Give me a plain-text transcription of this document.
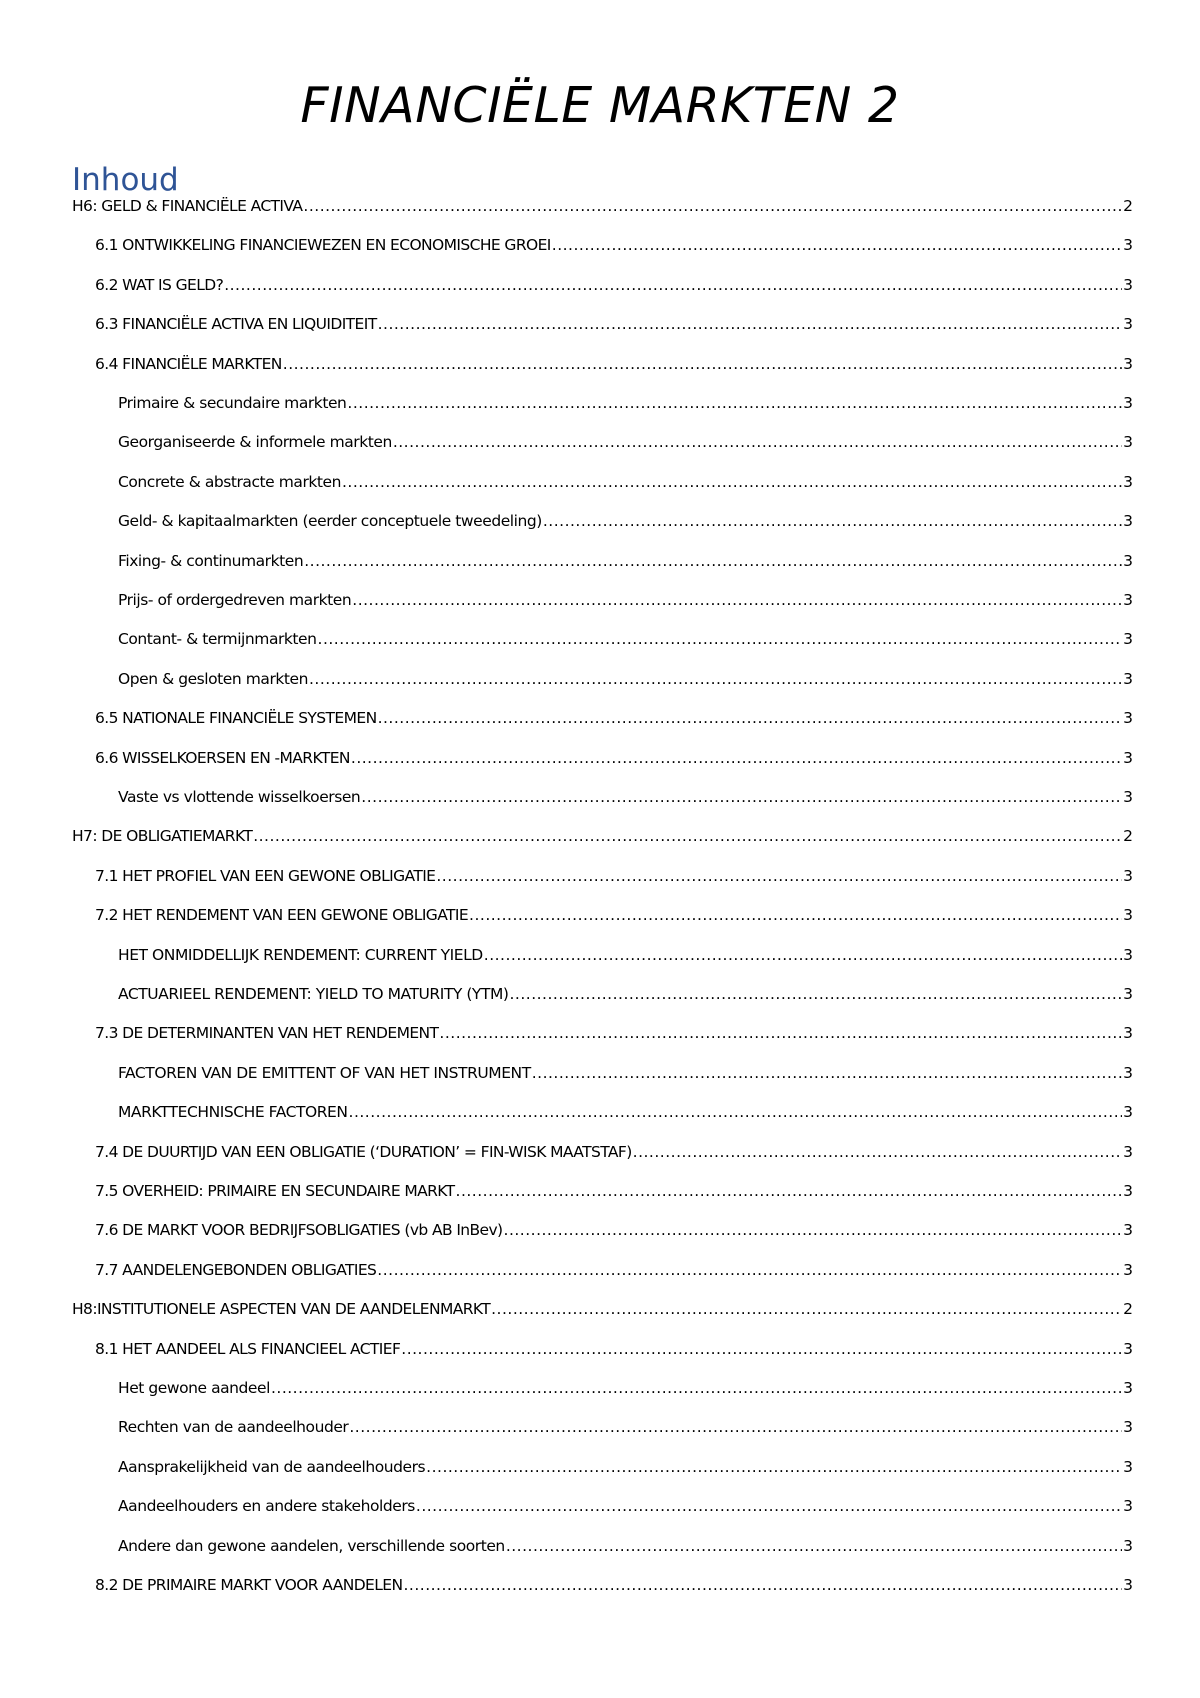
FINANCIËLE MARKTEN 2
Inhoud
H6: GELD & FINANCIËLE ACTIVA .....	2
6.1 ONTWIKKELING FINANCIEWEZEN EN ECONOMISCHE GROEI .....	3
6.2 WAT IS GELD? .....	3
6.3 FINANCIËLE ACTIVA EN LIQUIDITEIT .....	3
6.4 FINANCIËLE MARKTEN .....	3
Primaire & secundaire markten .....	3
Georganiseerde & informele markten .....	3
Concrete & abstracte markten .....	3
Geld- & kapitaalmarkten (eerder conceptuele tweedeling) .....	3
Fixing- & continumarkten .....	3
Prijs- of ordergedreven markten .....	3
Contant- & termijnmarkten .....	3
Open & gesloten markten .....	3
6.5 NATIONALE FINANCIËLE SYSTEMEN .....	3
6.6 WISSELKOERSEN EN -MARKTEN .....	3
Vaste vs vlottende wisselkoersen .....	3
H7: DE OBLIGATIEMARKT .....	2
7.1 HET PROFIEL VAN EEN GEWONE OBLIGATIE .....	3
7.2 HET RENDEMENT VAN EEN GEWONE OBLIGATIE .....	3
HET ONMIDDELLIJK RENDEMENT: CURRENT YIELD .....	3
ACTUARIEEL RENDEMENT: YIELD TO MATURITY (YTM) .....	3
7.3 DE DETERMINANTEN VAN HET RENDEMENT .....	3
FACTOREN VAN DE EMITTENT OF VAN HET INSTRUMENT .....	3
MARKTTECHNISCHE FACTOREN .....	3
7.4 DE DUURTIJD VAN EEN OBLIGATIE (‘DURATION’ = FIN-WISK MAATSTAF) .....	3
7.5 OVERHEID: PRIMAIRE EN SECUNDAIRE MARKT .....	3
7.6 DE MARKT VOOR BEDRIJFSOBLIGATIES (vb AB InBev) .....	3
7.7 AANDELENGEBONDEN OBLIGATIES .....	3
H8:INSTITUTIONELE ASPECTEN VAN DE AANDELENMARKT .....	2
8.1 HET AANDEEL ALS FINANCIEEL ACTIEF .....	3
Het gewone aandeel .....	3
Rechten van de aandeelhouder .....	3
Aansprakelijkheid van de aandeelhouders .....	3
Aandeelhouders en andere stakeholders .....	3
Andere dan gewone aandelen, verschillende soorten .....	3
8.2 DE PRIMAIRE MARKT VOOR AANDELEN .....	3
